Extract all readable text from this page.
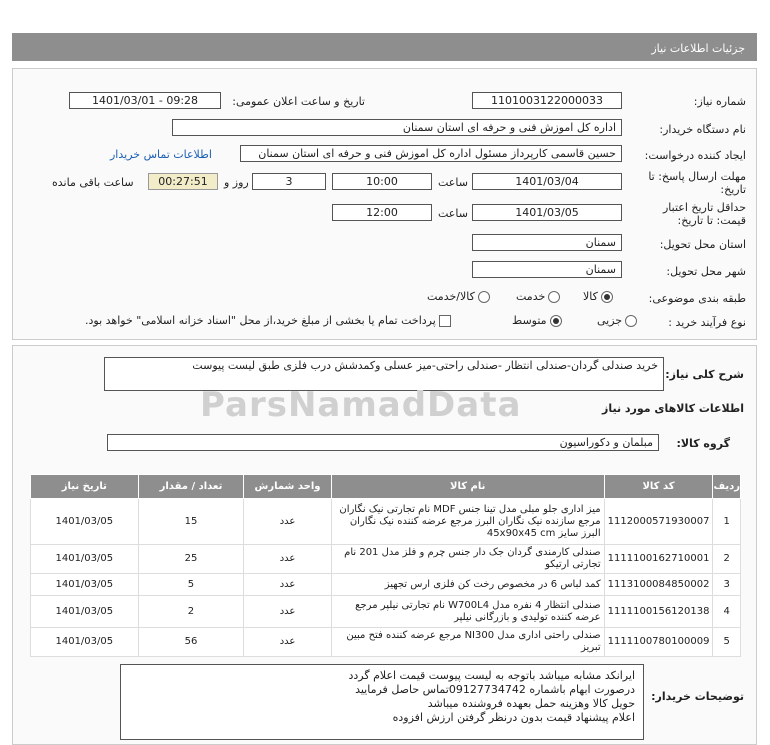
جزئیات اطلاعات نیاز
شماره نیاز:
1101003122000033
تاریخ و ساعت اعلان عمومی:
1401/03/01 - 09:28
نام دستگاه خریدار:
اداره کل اموزش فنی و حرفه ای استان سمنان
ایجاد کننده درخواست:
حسین قاسمی کارپرداز مسئول اداره کل اموزش فنی و حرفه ای استان سمنان
اطلاعات تماس خریدار
مهلت ارسال پاسخ: تا تاریخ:
1401/03/04
ساعت
10:00
3
روز و
00:27:51
ساعت باقی مانده
حداقل تاریخ اعتبار قیمت: تا تاریخ:
1401/03/05
ساعت
12:00
استان محل تحویل:
سمنان
شهر محل تحویل:
سمنان
طبقه بندی موضوعی:
کالا
خدمت
کالا/خدمت
نوع فرآیند خرید :
جزیی
متوسط
پرداخت تمام یا بخشی از مبلغ خرید،از محل "اسناد خزانه اسلامی" خواهد بود.
شرح کلی نیاز:
خرید صندلی گردان-صندلی انتظار -صندلی راحتی-میز عسلی وکمدشش درب فلزی طبق لیست پیوست
ParsNamadData	اطلاعات کالاهای مورد نیاز
گروه کالا:
مبلمان و دکوراسیون
ردیف	کد کالا	نام کالا	واحد شمارش	تعداد / مقدار	تاریخ نیاز
1	1112000571930007	میز اداری جلو مبلی مدل تینا جنس MDF نام تجارتی نیک نگاران مرجع سازنده نیک نگاران البرز مرجع عرضه کننده نیک نگاران البرز سایز 45x90x45 cm	عدد	15	1401/03/05
2	1111100162710001	صندلی کارمندی گردان جک دار جنس چرم و فلز مدل 201 نام تجارتی ارتیکو	عدد	25	1401/03/05
3	1113100084850002	کمد لباس 6 در مخصوص رخت کن فلزی ارس تجهیز	عدد	5	1401/03/05
4	1111100156120138	صندلی انتظار 4 نفره مدل W700L4 نام تجارتی نیلپر مرجع عرضه کننده تولیدی و بازرگانی نیلپر	عدد	2	1401/03/05
5	1111100780100009	صندلی راحتی اداری مدل NI300 مرجع عرضه کننده فتح مبین تبریز	عدد	56	1401/03/05
توضیحات خریدار:
ایرانکد مشابه میباشد باتوجه به لیست پیوست قیمت اعلام گردد
درصورت ابهام باشماره 09127734742تماس حاصل فرمایید
حویل کالا وهزینه حمل بعهده فروشنده میباشد
اعلام پیشنهاد قیمت بدون درنظر گرفتن ارزش افزوده
